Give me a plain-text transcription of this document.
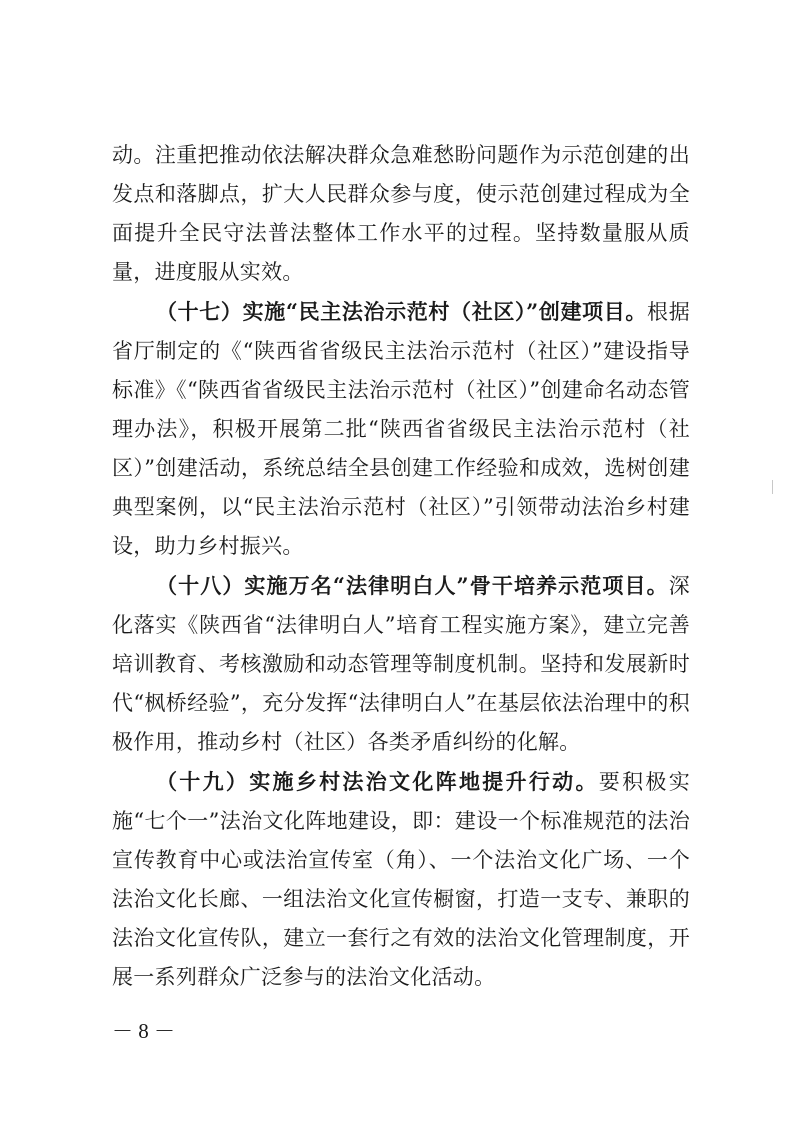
动。注重把推动依法解决群众急难愁盼问题作为示范创建的出发点和落脚点，扩大人民群众参与度，使示范创建过程成为全面提升全民守法普法整体工作水平的过程。坚持数量服从质量，进度服从实效。

（十七）实施“民主法治示范村（社区）”创建项目。根据省厅制定的《“陕西省省级民主法治示范村（社区）”建设指导标准》《“陕西省省级民主法治示范村（社区）”创建命名动态管理办法》，积极开展第二批“陕西省省级民主法治示范村（社区）”创建活动，系统总结全县创建工作经验和成效，选树创建典型案例，以“民主法治示范村（社区）”引领带动法治乡村建设，助力乡村振兴。

（十八）实施万名“法律明白人”骨干培养示范项目。深化落实《陕西省“法律明白人”培育工程实施方案》，建立完善培训教育、考核激励和动态管理等制度机制。坚持和发展新时代“枫桥经验”，充分发挥“法律明白人”在基层依法治理中的积极作用，推动乡村（社区）各类矛盾纠纷的化解。

（十九）实施乡村法治文化阵地提升行动。要积极实施“七个一”法治文化阵地建设，即：建设一个标准规范的法治宣传教育中心或法治宣传室（角）、一个法治文化广场、一个法治文化长廊、一组法治文化宣传橱窗，打造一支专、兼职的法治文化宣传队，建立一套行之有效的法治文化管理制度，开展一系列群众广泛参与的法治文化活动。

－ 8 －
